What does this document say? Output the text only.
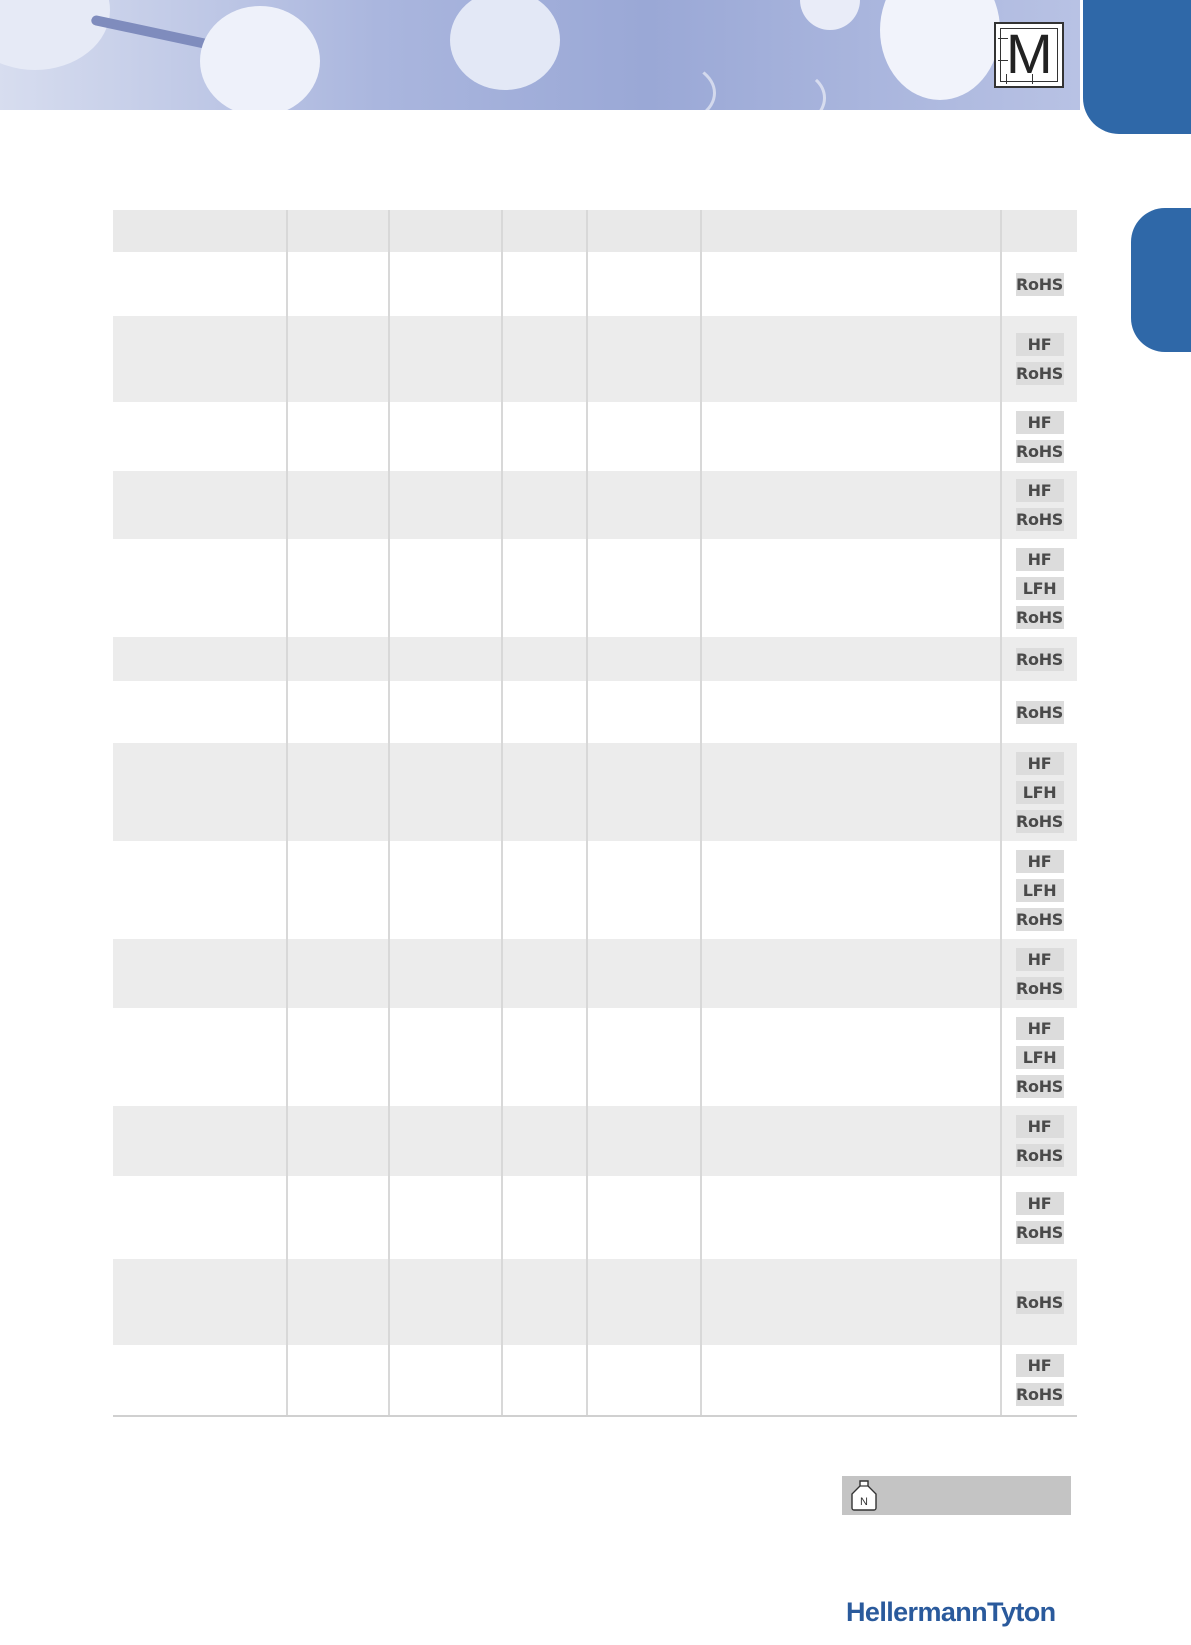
M
RoHS
HF
RoHS
HF
RoHS
HF
RoHS
HF
LFH
RoHS
RoHS
RoHS
HF
LFH
RoHS
HF
LFH
RoHS
HF
RoHS
HF
LFH
RoHS
HF
RoHS
HF
RoHS
RoHS
HF
RoHS
N
HellermannTyton
